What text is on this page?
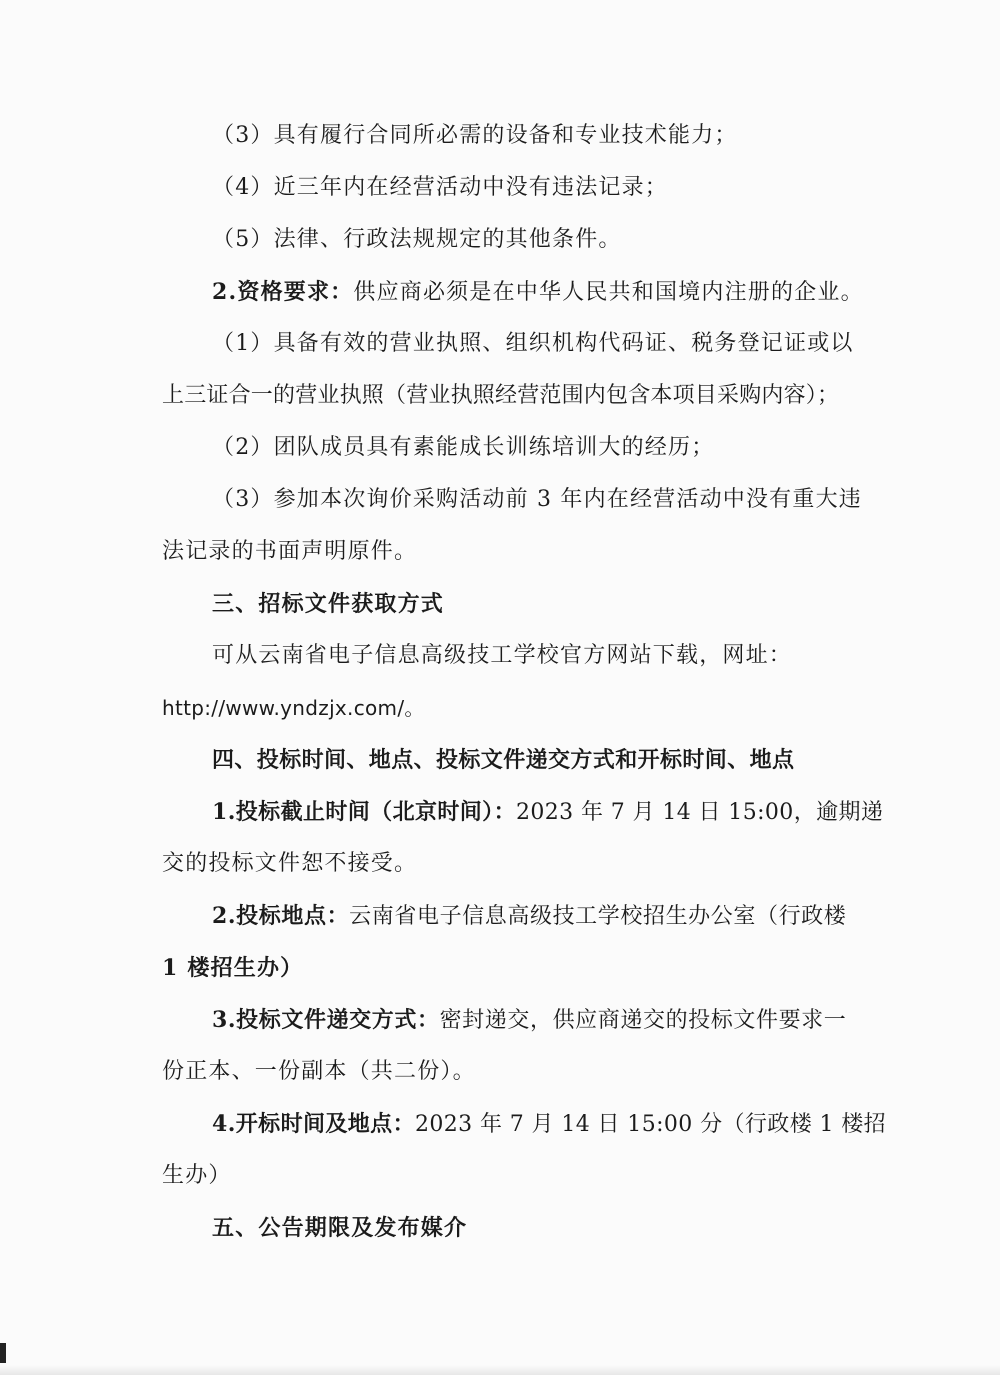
（3）具有履行合同所必需的设备和专业技术能力；
（4）近三年内在经营活动中没有违法记录；
（5）法律、行政法规规定的其他条件。
2.资格要求：供应商必须是在中华人民共和国境内注册的企业。
（1）具备有效的营业执照、组织机构代码证、税务登记证或以
上三证合一的营业执照（营业执照经营范围内包含本项目采购内容）；
（2）团队成员具有素能成长训练培训大的经历；
（3）参加本次询价采购活动前 3 年内在经营活动中没有重大违
法记录的书面声明原件。
三、招标文件获取方式
可从云南省电子信息高级技工学校官方网站下载，网址：
http://www.yndzjx.com/。
四、投标时间、地点、投标文件递交方式和开标时间、地点
1.投标截止时间（北京时间）：2023 年 7 月 14 日 15:00，逾期递
交的投标文件恕不接受。
2.投标地点：云南省电子信息高级技工学校招生办公室（行政楼
1 楼招生办）
3.投标文件递交方式：密封递交，供应商递交的投标文件要求一
份正本、一份副本（共二份）。
4.开标时间及地点：2023 年 7 月 14 日 15:00 分（行政楼 1 楼招
生办）
五、公告期限及发布媒介
